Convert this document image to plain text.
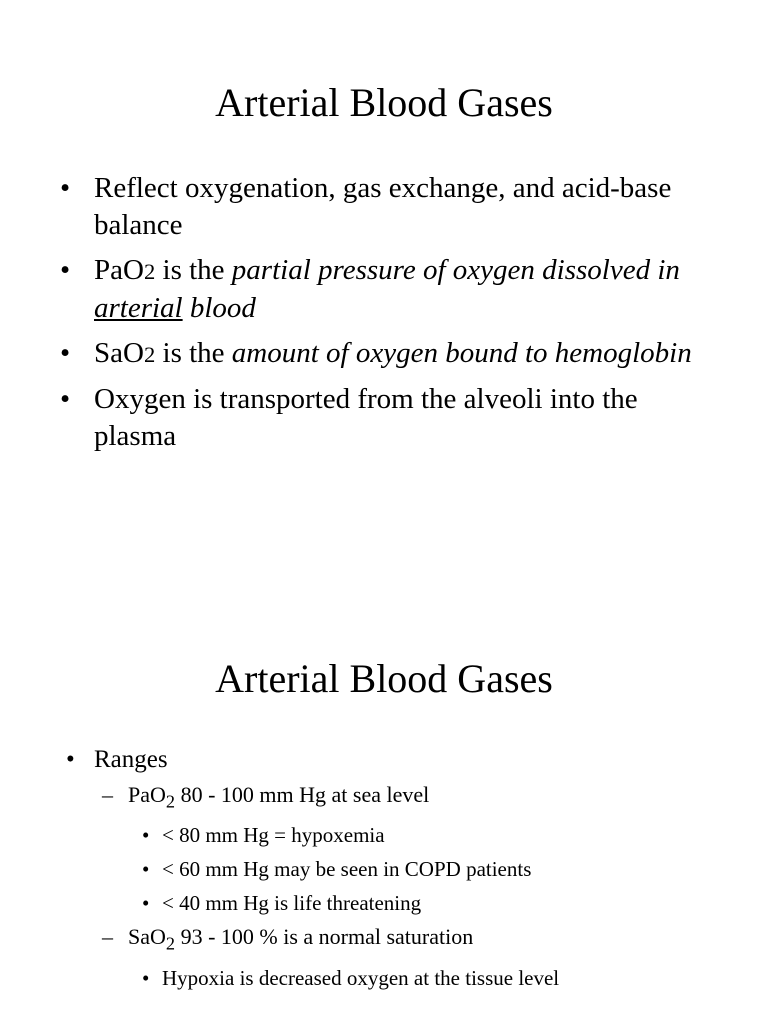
Arterial Blood Gases
• Reflect oxygenation, gas exchange, and acid-base balance
• PaO$_2$ is the partial pressure of oxygen dissolved in arterial blood
• SaO$_2$ is the amount of oxygen bound to hemoglobin
• Oxygen is transported from the alveoli into the plasma
Arterial Blood Gases
• Ranges
– PaO$_2$ 80 - 100 mm Hg at sea level
• < 80 mm Hg = hypoxemia
• < 60 mm Hg may be seen in COPD patients
• < 40 mm Hg is life threatening
– SaO$_2$ 93 - 100 % is a normal saturation
• Hypoxia is decreased oxygen at the tissue level
